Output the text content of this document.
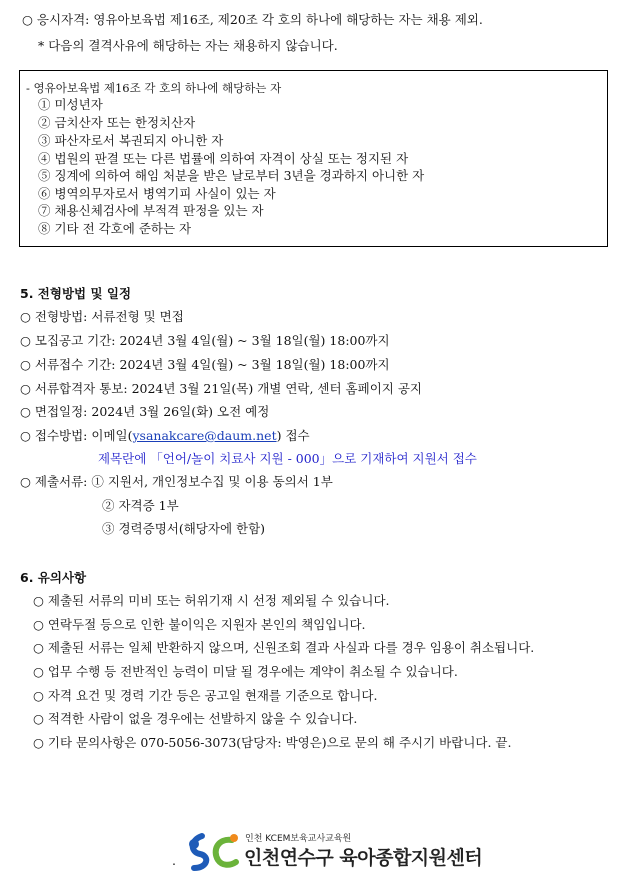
○ 응시자격: 영유아보육법 제16조, 제20조 각 호의 하나에 해당하는 자는 채용 제외.
* 다음의 결격사유에 해당하는 자는 채용하지 않습니다.
- 영유아보육법 제16조 각 호의 하나에 해당하는 자
① 미성년자
② 금치산자 또는 한정치산자
③ 파산자로서 복권되지 아니한 자
④ 법원의 판결 또는 다른 법률에 의하여 자격이 상실 또는 정지된 자
⑤ 징계에 의하여 해임 처분을 받은 날로부터 3년을 경과하지 아니한 자
⑥ 병역의무자로서 병역기피 사실이 있는 자
⑦ 채용신체검사에 부적격 판정을 있는 자
⑧ 기타 전 각호에 준하는 자
5. 전형방법 및 일정
○ 전형방법: 서류전형 및 면접
○ 모집공고 기간: 2024년 3월 4일(월) ~ 3월 18일(월) 18:00까지
○ 서류접수 기간: 2024년 3월 4일(월) ~ 3월 18일(월) 18:00까지
○ 서류합격자 통보: 2024년 3월 21일(목) 개별 연락, 센터 홈페이지 공지
○ 면접일정: 2024년 3월 26일(화) 오전 예정
○ 접수방법: 이메일(ysanakcare@daum.net) 접수
제목란에 「언어/놀이 치료사 지원 - 000」으로 기재하여 지원서 접수
○ 제출서류: ① 지원서, 개인정보수집 및 이용 동의서 1부
② 자격증 1부
③ 경력증명서(해당자에 한함)
6. 유의사항
○ 제출된 서류의 미비 또는 허위기재 시 선정 제외될 수 있습니다.
○ 연락두절 등으로 인한 불이익은 지원자 본인의 책임입니다.
○ 제출된 서류는 일체 반환하지 않으며, 신원조회 결과 사실과 다를 경우 임용이 취소됩니다.
○ 업무 수행 등 전반적인 능력이 미달 될 경우에는 계약이 취소될 수 있습니다.
○ 자격 요건 및 경력 기간 등은 공고일 현재를 기준으로 합니다.
○ 적격한 사람이 없을 경우에는 선발하지 않을 수 있습니다.
○ 기타 문의사항은 070-5056-3073(담당자: 박영은)으로 문의 해 주시기 바랍니다. 끝.
.
인천 KCEM보육교사교육원
인천연수구 육아종합지원센터
